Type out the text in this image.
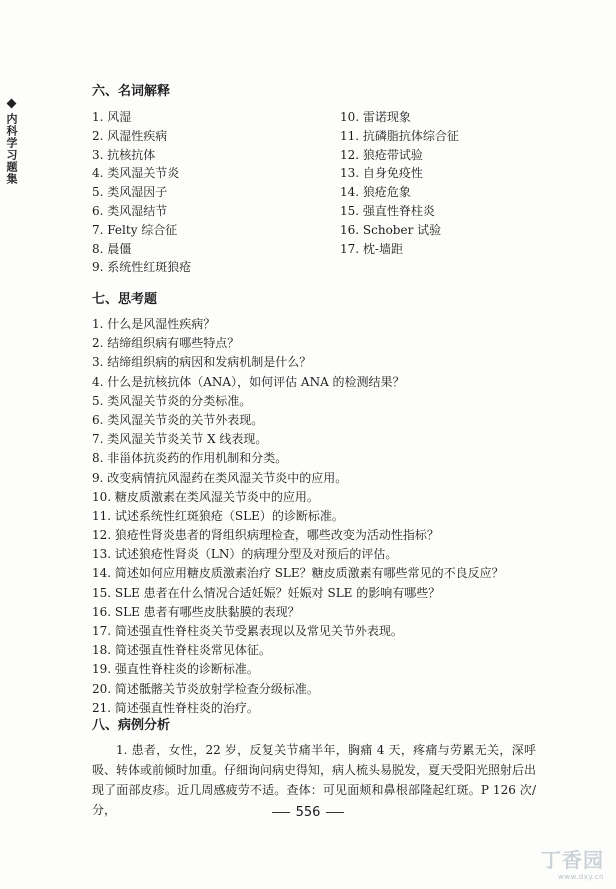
内科学习题集
六、名词解释
1. 风湿
2. 风湿性疾病
3. 抗核抗体
4. 类风湿关节炎
5. 类风湿因子
6. 类风湿结节
7. Felty 综合征
8. 晨僵
9. 系统性红斑狼疮
10. 雷诺现象
11. 抗磷脂抗体综合征
12. 狼疮带试验
13. 自身免疫性
14. 狼疮危象
15. 强直性脊柱炎
16. Schober 试验
17. 枕-墙距
七、思考题
1. 什么是风湿性疾病？
2. 结缔组织病有哪些特点？
3. 结缔组织病的病因和发病机制是什么？
4. 什么是抗核抗体（ANA），如何评估 ANA 的检测结果？
5. 类风湿关节炎的分类标准。
6. 类风湿关节炎的关节外表现。
7. 类风湿关节炎关节 X 线表现。
8. 非甾体抗炎药的作用机制和分类。
9. 改变病情抗风湿药在类风湿关节炎中的应用。
10. 糖皮质激素在类风湿关节炎中的应用。
11. 试述系统性红斑狼疮（SLE）的诊断标准。
12. 狼疮性肾炎患者的肾组织病理检查，哪些改变为活动性指标？
13. 试述狼疮性肾炎（LN）的病理分型及对预后的评估。
14. 简述如何应用糖皮质激素治疗 SLE？糖皮质激素有哪些常见的不良反应？
15. SLE 患者在什么情况合适妊娠？妊娠对 SLE 的影响有哪些？
16. SLE 患者有哪些皮肤黏膜的表现？
17. 简述强直性脊柱炎关节受累表现以及常见关节外表现。
18. 简述强直性脊柱炎常见体征。
19. 强直性脊柱炎的诊断标准。
20. 简述骶髂关节炎放射学检查分级标准。
21. 简述强直性脊柱炎的治疗。
八、病例分析

1. 患者，女性，22 岁，反复关节痛半年，胸痛 4 天，疼痛与劳累无关，深呼吸、转体或前倾时加重。仔细询问病史得知，病人梳头易脱发，夏天受阳光照射后出现了面部皮疹。近几周感疲劳不适。查体：可见面颊和鼻根部隆起红斑。P 126 次/分，	556
丁香园
www.dxy.cn
